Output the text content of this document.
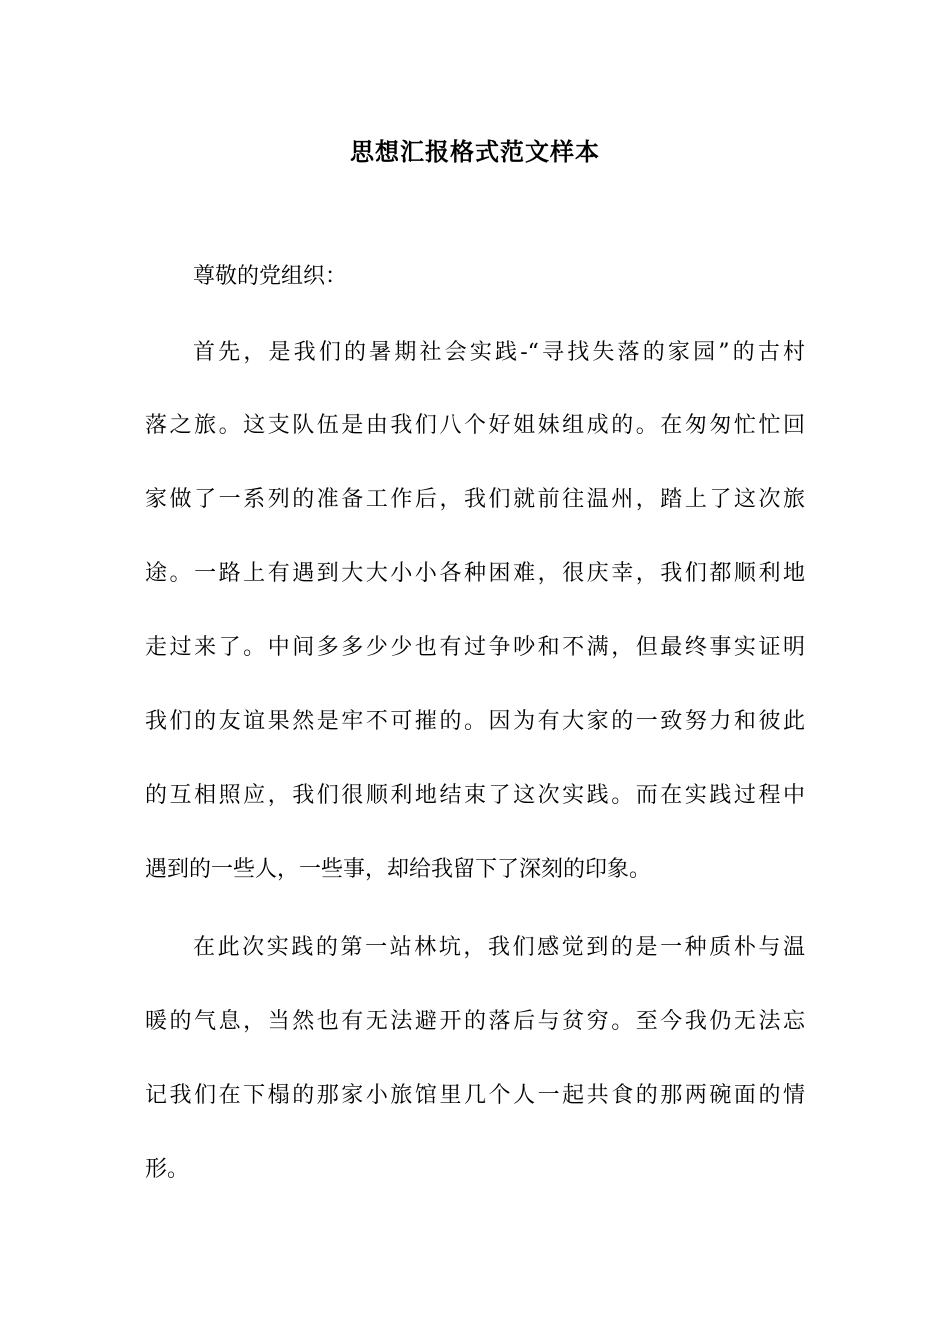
思想汇报格式范文样本
尊敬的党组织：
首先，是我们的暑期社会实践-“寻找失落的家园”的古村
落之旅。这支队伍是由我们八个好姐妹组成的。在匆匆忙忙回
家做了一系列的准备工作后，我们就前往温州，踏上了这次旅
途。一路上有遇到大大小小各种困难，很庆幸，我们都顺利地
走过来了。中间多多少少也有过争吵和不满，但最终事实证明
我们的友谊果然是牢不可摧的。因为有大家的一致努力和彼此
的互相照应，我们很顺利地结束了这次实践。而在实践过程中
遇到的一些人，一些事，却给我留下了深刻的印象。
在此次实践的第一站林坑，我们感觉到的是一种质朴与温
暖的气息，当然也有无法避开的落后与贫穷。至今我仍无法忘
记我们在下榻的那家小旅馆里几个人一起共食的那两碗面的情
形。
